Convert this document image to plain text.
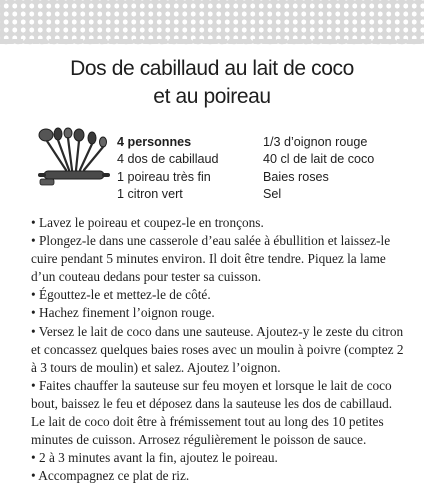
Dos de cabillaud au lait de coco
et au poireau
4 personnes
4 dos de cabillaud
1 poireau très fin
1 citron vert
1/3 d’oignon rouge
40 cl de lait de coco
Baies roses
Sel

• Lavez le poireau et coupez-le en tronçons.

• Plongez-le dans une casserole d’eau salée à ébullition et laissez-le cuire pendant 5 minutes environ. Il doit être tendre. Piquez la lame d’un couteau dedans pour tester sa cuisson.

• Égouttez-le et mettez-le de côté.

• Hachez finement l’oignon rouge.

• Versez le lait de coco dans une sauteuse. Ajoutez-y le zeste du citron et concassez quelques baies roses avec un moulin à poivre (comptez 2 à 3 tours de moulin) et salez. Ajoutez l’oignon.

• Faites chauffer la sauteuse sur feu moyen et lorsque le lait de coco bout, baissez le feu et déposez dans la sauteuse les dos de cabillaud. Le lait de coco doit être à frémissement tout au long des 10 petites minutes de cuisson. Arrosez régulièrement le poisson de sauce.

• 2 à 3 minutes avant la fin, ajoutez le poireau.

• Accompagnez ce plat de riz.
